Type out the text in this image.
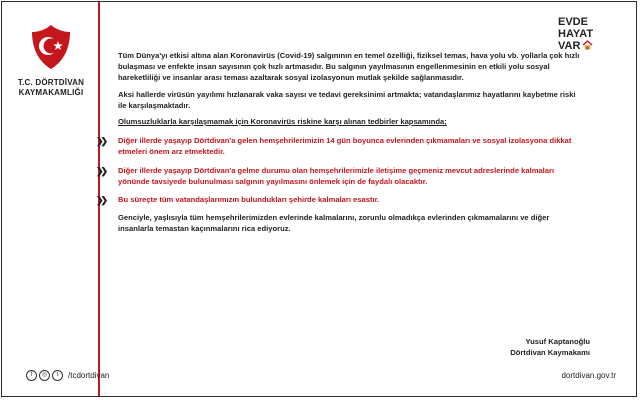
T.C. DÖRTDİVAN
KAYMAKAMLIĞI
f	◎	t	/tcdortdivan
EVDE
HAYAT
VAR

Tüm Dünya'yı etkisi altına alan Koronavirüs (Covid-19) salgınının en temel özelliği, fiziksel temas, hava yolu vb. yollarla çok hızlı bulaşması ve enfekte insan sayısının çok hızlı artmasıdır. Bu salgının yayılmasının engellenmesinin en etkili yolu sosyal hareketliliği ve insanlar arası teması azaltarak sosyal izolasyonun mutlak şekilde sağlanmasıdır.

Aksi hallerde virüsün yayılımı hızlanarak vaka sayısı ve tedavi gereksinimi artmakta; vatandaşlarımız hayatlarını kaybetme riski ile karşılaşmaktadır.

Olumsuzluklarla karşılaşmamak için Koronavirüs riskine karşı alınan tedbirler kapsamında;

❯❯ Diğer illerde yaşayıp Dörtdivan'a gelen hemşehrilerimizin 14 gün boyunca evlerinden çıkmamaları ve sosyal izolasyona dikkat etmeleri önem arz etmektedir.
❯❯ Diğer illerde yaşayıp Dörtdivan'a gelme durumu olan hemşehrilerimizle iletişime geçmeniz mevcut adreslerinde kalmaları yönünde tavsiyede bulunulması salgının yayılmasını önlemek için de faydalı olacaktır.
❯❯ Bu süreçte tüm vatandaşlarımızın bulundukları şehirde kalmaları esastır.

Genciyle, yaşlısıyla tüm hemşehrilerimizden evlerinde kalmalarını, zorunlu olmadıkça evlerinden çıkmamalarını ve diğer insanlarla temastan kaçınmalarını rica ediyoruz.

Yusuf Kaptanoğlu
Dörtdivan Kaymakamı
dortdivan.gov.tr
